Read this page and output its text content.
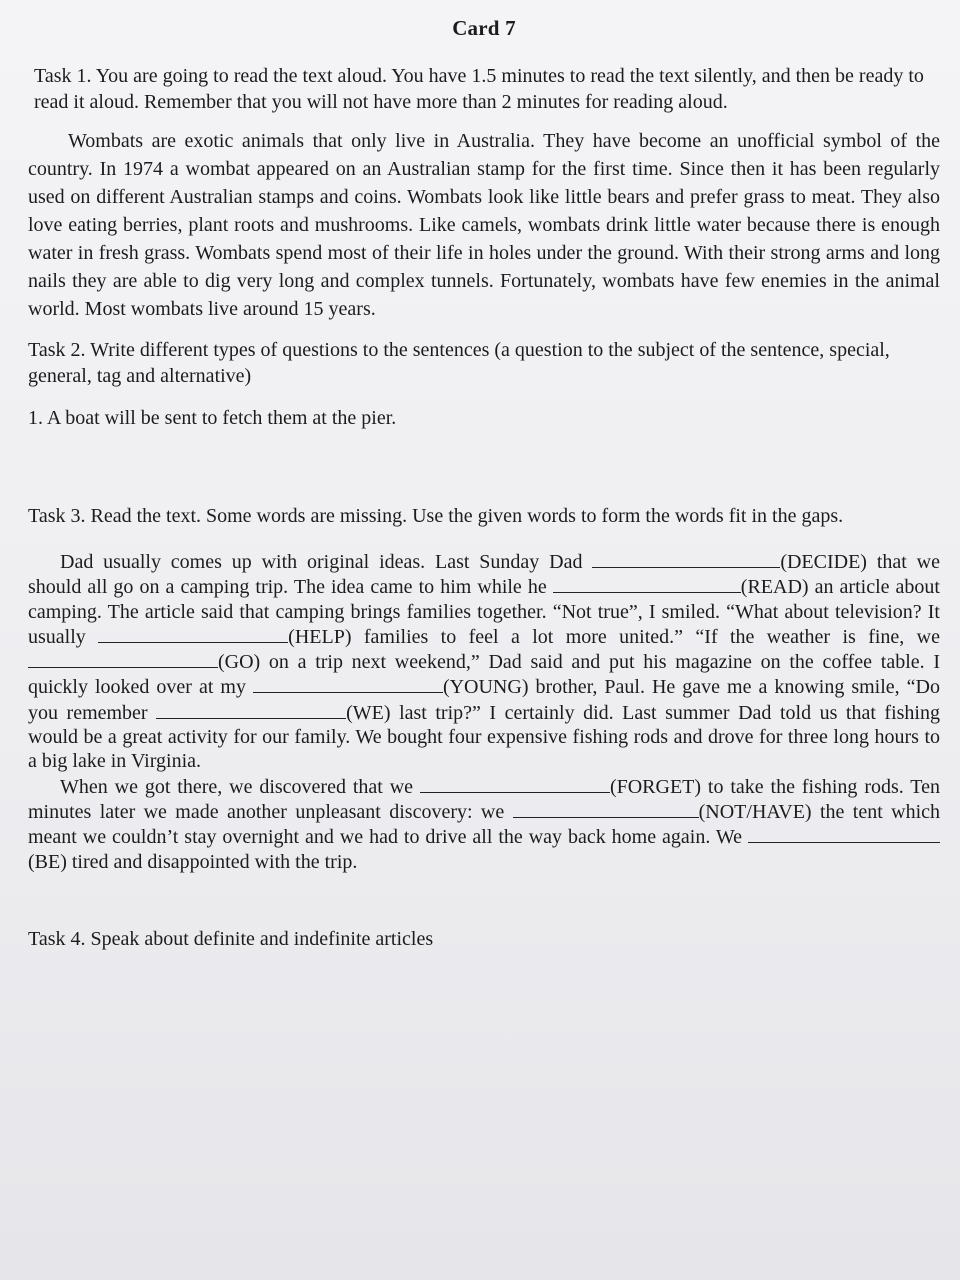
Card 7

Task 1. You are going to read the text aloud. You have 1.5 minutes to read the text silently, and then be ready to read it aloud. Remember that you will not have more than 2 minutes for reading aloud.

Wombats are exotic animals that only live in Australia. They have become an unofficial symbol of the country. In 1974 a wombat appeared on an Australian stamp for the first time. Since then it has been regularly used on different Australian stamps and coins. Wombats look like little bears and prefer grass to meat. They also love eating berries, plant roots and mushrooms. Like camels, wombats drink little water because there is enough water in fresh grass. Wombats spend most of their life in holes under the ground. With their strong arms and long nails they are able to dig very long and complex tunnels. Fortunately, wombats have few enemies in the animal world. Most wombats live around 15 years.

Task 2. Write different types of questions to the sentences (a question to the subject of the sentence, special, general, tag and alternative)

1. A boat will be sent to fetch them at the pier.

Task 3. Read the text. Some words are missing. Use the given words to form the words fit in the gaps.

Dad usually comes up with original ideas. Last Sunday Dad	(DECIDE) that we should all go on a camping trip. The idea came to him while he	(READ) an article about camping. The article said that camping brings families together. “Not true”, I smiled. “What about television? It usually	(HELP) families to feel a lot more united.” “If the weather is fine, we (GO) on a trip next weekend,” Dad said and put his magazine on the coffee table. I quickly looked over at my	(YOUNG) brother, Paul. He gave me a knowing smile, “Do you remember	(WE) last trip?” I certainly did. Last summer Dad told us that fishing would be a great activity for our family. We bought four expensive fishing rods and drove for three long hours to a big lake in Virginia.

When we got there, we discovered that we	(FORGET) to take the fishing rods. Ten minutes later we made another unpleasant discovery: we	(NOT/HAVE) the tent which meant we couldn’t stay overnight and we had to drive all the way back home again. We (BE) tired and disappointed with the trip.

Task 4. Speak about definite and indefinite articles
